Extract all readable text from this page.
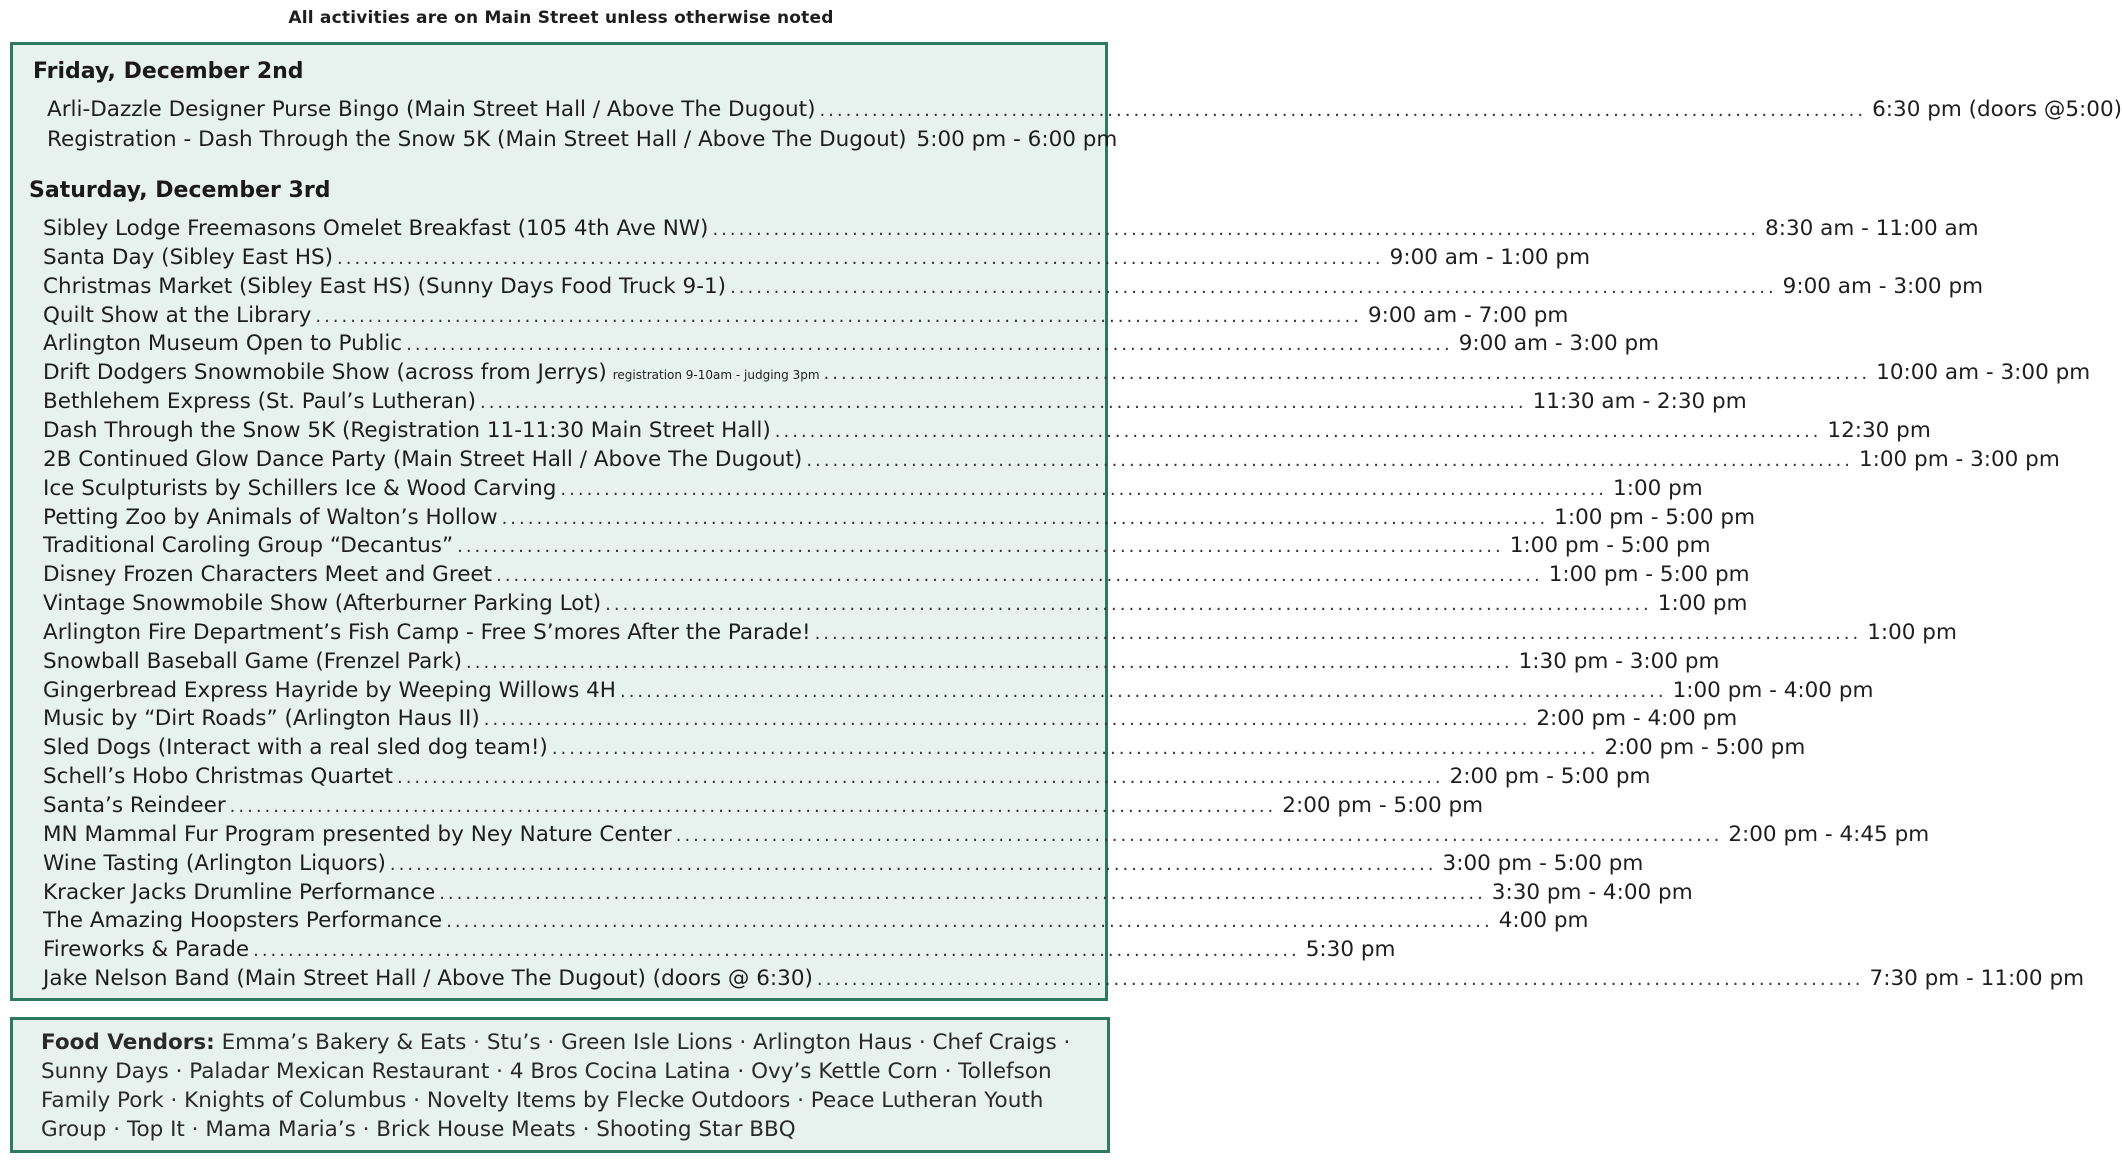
All activities are on Main Street unless otherwise noted
Friday, December 2nd
Arli-Dazzle Designer Purse Bingo (Main Street Hall / Above The Dugout) ........................................................................................................................ 6:30 pm (doors @5:00)
Registration - Dash Through the Snow 5K (Main Street Hall / Above The Dugout) 5:00 pm - 6:00 pm
Saturday, December 3rd
Sibley Lodge Freemasons Omelet Breakfast (105 4th Ave NW) ........................................................................................................................ 8:30 am - 11:00 am
Santa Day (Sibley East HS) ........................................................................................................................ 9:00 am - 1:00 pm
Christmas Market (Sibley East HS) (Sunny Days Food Truck 9-1) ........................................................................................................................ 9:00 am - 3:00 pm
Quilt Show at the Library ........................................................................................................................ 9:00 am - 7:00 pm
Arlington Museum Open to Public ........................................................................................................................ 9:00 am - 3:00 pm
Drift Dodgers Snowmobile Show (across from Jerrys) registration 9-10am - judging 3pm ........................................................................................................................ 10:00 am - 3:00 pm
Bethlehem Express (St. Paul’s Lutheran) ........................................................................................................................ 11:30 am - 2:30 pm
Dash Through the Snow 5K (Registration 11-11:30 Main Street Hall) ........................................................................................................................ 12:30 pm
2B Continued Glow Dance Party (Main Street Hall / Above The Dugout) ........................................................................................................................ 1:00 pm - 3:00 pm
Ice Sculpturists by Schillers Ice & Wood Carving ........................................................................................................................ 1:00 pm
Petting Zoo by Animals of Walton’s Hollow ........................................................................................................................ 1:00 pm - 5:00 pm
Traditional Caroling Group “Decantus” ........................................................................................................................ 1:00 pm - 5:00 pm
Disney Frozen Characters Meet and Greet ........................................................................................................................ 1:00 pm - 5:00 pm
Vintage Snowmobile Show (Afterburner Parking Lot) ........................................................................................................................ 1:00 pm
Arlington Fire Department’s Fish Camp - Free S’mores After the Parade! ........................................................................................................................ 1:00 pm
Snowball Baseball Game (Frenzel Park) ........................................................................................................................ 1:30 pm - 3:00 pm
Gingerbread Express Hayride by Weeping Willows 4H ........................................................................................................................ 1:00 pm - 4:00 pm
Music by “Dirt Roads” (Arlington Haus II) ........................................................................................................................ 2:00 pm - 4:00 pm
Sled Dogs (Interact with a real sled dog team!) ........................................................................................................................ 2:00 pm - 5:00 pm
Schell’s Hobo Christmas Quartet ........................................................................................................................ 2:00 pm - 5:00 pm
Santa’s Reindeer ........................................................................................................................ 2:00 pm - 5:00 pm
MN Mammal Fur Program presented by Ney Nature Center ........................................................................................................................ 2:00 pm - 4:45 pm
Wine Tasting (Arlington Liquors) ........................................................................................................................ 3:00 pm - 5:00 pm
Kracker Jacks Drumline Performance ........................................................................................................................ 3:30 pm - 4:00 pm
The Amazing Hoopsters Performance ........................................................................................................................ 4:00 pm
Fireworks & Parade ........................................................................................................................ 5:30 pm
Jake Nelson Band (Main Street Hall / Above The Dugout) (doors @ 6:30) ........................................................................................................................ 7:30 pm - 11:00 pm
Food Vendors: Emma’s Bakery & Eats · Stu’s · Green Isle Lions · Arlington Haus · Chef Craigs · Sunny Days · Paladar Mexican Restaurant · 4 Bros Cocina Latina · Ovy’s Kettle Corn · Tollefson Family Pork · Knights of Columbus · Novelty Items by Flecke Outdoors · Peace Lutheran Youth Group · Top It · Mama Maria’s · Brick House Meats · Shooting Star BBQ
